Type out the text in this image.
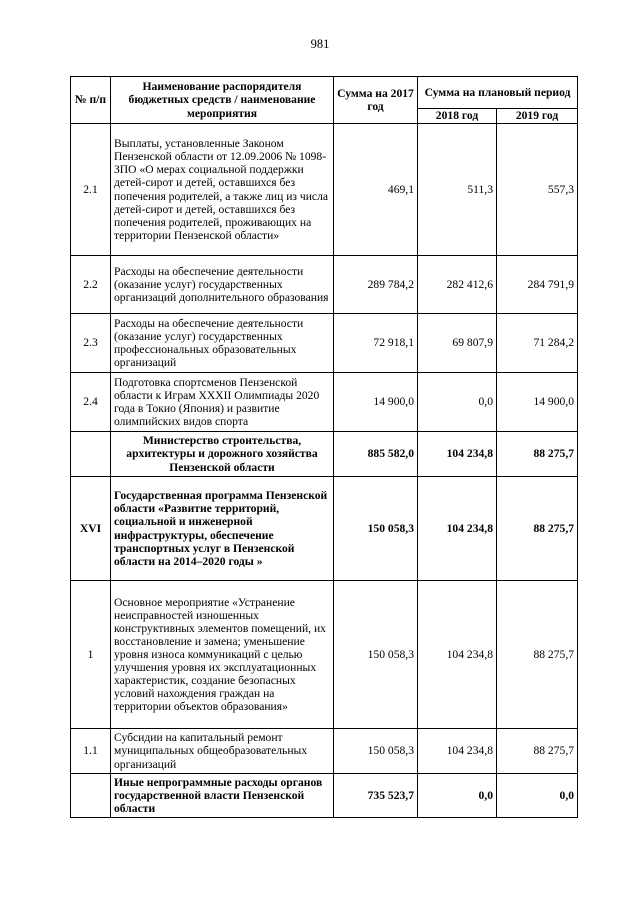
981
№ п/п	Наименование распорядителя бюджетных средств / наименование мероприятия	Сумма на 2017 год	Сумма на плановый период	
			2018 год	2019 год
2.1	Выплаты, установленные Законом Пензенской области от 12.09.2006 № 1098-ЗПО «О мерах социальной поддержки детей-сирот и детей, оставшихся без попечения родителей, а также лиц из числа детей-сирот и детей, оставшихся без попечения родителей, проживающих на территории Пензенской области»	469,1	511,3	557,3
2.2	Расходы на обеспечение деятельности (оказание услуг) государственных организаций дополнительного образования	289 784,2	282 412,6	284 791,9
2.3	Расходы на обеспечение деятельности (оказание услуг) государственных профессиональных образовательных организаций	72 918,1	69 807,9	71 284,2
2.4	Подготовка спортсменов Пензенской области к Играм XXXII Олимпиады 2020 года в Токио (Япония) и развитие олимпийских видов спорта	14 900,0	0,0	14 900,0
	Министерство строительства, архитектуры и дорожного хозяйства Пензенской области	885 582,0	104 234,8	88 275,7
XVI	Государственная программа Пензенской области «Развитие территорий, социальной и инженерной инфраструктуры, обеспечение транспортных услуг в Пензенской области на 2014–2020 годы »	150 058,3	104 234,8	88 275,7
1	Основное мероприятие «Устранение неисправностей изношенных конструктивных элементов помещений, их восстановление и замена; уменьшение уровня износа коммуникаций с целью улучшения уровня их эксплуатационных характеристик, создание безопасных условий нахождения граждан на территории объектов образования»	150 058,3	104 234,8	88 275,7
1.1	Субсидии на капитальный ремонт муниципальных общеобразовательных организаций	150 058,3	104 234,8	88 275,7
	Иные непрограммные расходы органов государственной власти Пензенской области	735 523,7	0,0	0,0
